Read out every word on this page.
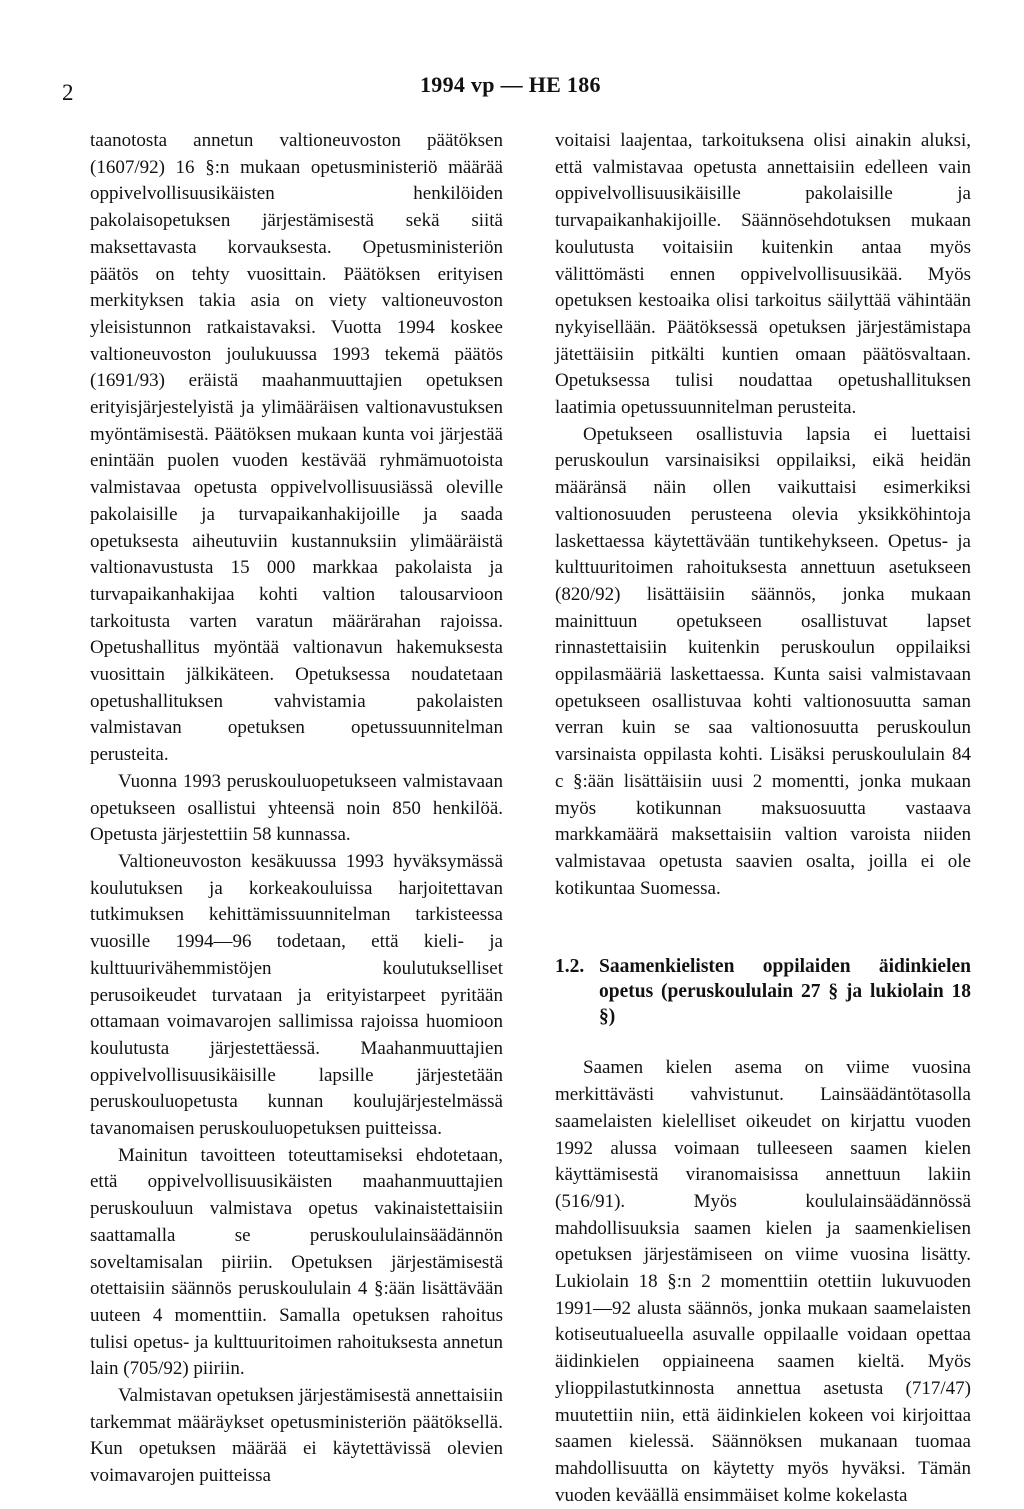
2	1994 vp — HE 186

taanotosta annetun valtioneuvoston päätöksen (1607/92) 16 §:n mukaan opetusministeriö määrää oppivelvollisuusikäisten henkilöiden pakolaisopetuksen järjestämisestä sekä siitä maksettavasta korvauksesta. Opetusministeriön päätös on tehty vuosittain. Päätöksen erityisen merkityksen takia asia on viety valtioneuvoston yleisistunnon ratkaistavaksi. Vuotta 1994 koskee valtioneuvoston joulukuussa 1993 tekemä päätös (1691/93) eräistä maahanmuuttajien opetuksen erityisjärjestelyistä ja ylimääräisen valtionavustuksen myöntämisestä. Päätöksen mukaan kunta voi järjestää enintään puolen vuoden kestävää ryhmämuotoista valmistavaa opetusta oppivelvollisuusiässä oleville pakolaisille ja turvapaikanhakijoille ja saada opetuksesta aiheutuviin kustannuksiin ylimääräistä valtionavustusta 15 000 markkaa pakolaista ja turvapaikanhakijaa kohti valtion talousarvioon tarkoitusta varten varatun määrärahan rajoissa. Opetushallitus myöntää valtionavun hakemuksesta vuosittain jälkikäteen. Opetuksessa noudatetaan opetushallituksen vahvistamia pakolaisten valmistavan opetuksen opetussuunnitelman perusteita.

Vuonna 1993 peruskouluopetukseen valmistavaan opetukseen osallistui yhteensä noin 850 henkilöä. Opetusta järjestettiin 58 kunnassa.

Valtioneuvoston kesäkuussa 1993 hyväksymässä koulutuksen ja korkeakouluissa harjoitettavan tutkimuksen kehittämissuunnitelman tarkisteessa vuosille 1994—96 todetaan, että kieli- ja kulttuurivähemmistöjen koulutukselliset perusoikeudet turvataan ja erityistarpeet pyritään ottamaan voimavarojen sallimissa rajoissa huomioon koulutusta järjestettäessä. Maahanmuuttajien oppivelvollisuusikäisille lapsille järjestetään peruskouluopetusta kunnan koulujärjestelmässä tavanomaisen peruskouluopetuksen puitteissa.

Mainitun tavoitteen toteuttamiseksi ehdotetaan, että oppivelvollisuusikäisten maahanmuuttajien peruskouluun valmistava opetus vakinaistettaisiin saattamalla se peruskoululainsäädännön soveltamisalan piiriin. Opetuksen järjestämisestä otettaisiin säännös peruskoululain 4 §:ään lisättävään uuteen 4 momenttiin. Samalla opetuksen rahoitus tulisi opetus- ja kulttuuritoimen rahoituksesta annetun lain (705/92) piiriin.

Valmistavan opetuksen järjestämisestä annettaisiin tarkemmat määräykset opetusministeriön päätöksellä. Kun opetuksen määrää ei käytettävissä olevien voimavarojen puitteissa

voitaisi laajentaa, tarkoituksena olisi ainakin aluksi, että valmistavaa opetusta annettaisiin edelleen vain oppivelvollisuusikäisille pakolaisille ja turvapaikanhakijoille. Säännösehdotuksen mukaan koulutusta voitaisiin kuitenkin antaa myös välittömästi ennen oppivelvollisuusikää. Myös opetuksen kestoaika olisi tarkoitus säilyttää vähintään nykyisellään. Päätöksessä opetuksen järjestämistapa jätettäisiin pitkälti kuntien omaan päätösvaltaan. Opetuksessa tulisi noudattaa opetushallituksen laatimia opetussuunnitelman perusteita.

Opetukseen osallistuvia lapsia ei luettaisi peruskoulun varsinaisiksi oppilaiksi, eikä heidän määränsä näin ollen vaikuttaisi esimerkiksi valtionosuuden perusteena olevia yksikköhintoja laskettaessa käytettävään tuntikehykseen. Opetus- ja kulttuuritoimen rahoituksesta annettuun asetukseen (820/92) lisättäisiin säännös, jonka mukaan mainittuun opetukseen osallistuvat lapset rinnastettaisiin kuitenkin peruskoulun oppilaiksi oppilasmääriä laskettaessa. Kunta saisi valmistavaan opetukseen osallistuvaa kohti valtionosuutta saman verran kuin se saa valtionosuutta peruskoulun varsinaista oppilasta kohti. Lisäksi peruskoululain 84 c §:ään lisättäisiin uusi 2 momentti, jonka mukaan myös kotikunnan maksuosuutta vastaava markkamäärä maksettaisiin valtion varoista niiden valmistavaa opetusta saavien osalta, joilla ei ole kotikuntaa Suomessa.

1.2. Saamenkielisten oppilaiden äidinkielen opetus (peruskoululain 27 § ja lukiolain 18 §)

Saamen kielen asema on viime vuosina merkittävästi vahvistunut. Lainsäädäntötasolla saamelaisten kielelliset oikeudet on kirjattu vuoden 1992 alussa voimaan tulleeseen saamen kielen käyttämisestä viranomaisissa annettuun lakiin (516/91). Myös koululainsäädännössä mahdollisuuksia saamen kielen ja saamenkielisen opetuksen järjestämiseen on viime vuosina lisätty. Lukiolain 18 §:n 2 momenttiin otettiin lukuvuoden 1991—92 alusta säännös, jonka mukaan saamelaisten kotiseutualueella asuvalle oppilaalle voidaan opettaa äidinkielen oppiaineena saamen kieltä. Myös ylioppilastutkinnosta annettua asetusta (717/47) muutettiin niin, että äidinkielen kokeen voi kirjoittaa saamen kielessä. Säännöksen mukanaan tuomaa mahdollisuutta on käytetty myös hyväksi. Tämän vuoden keväällä ensimmäiset kolme kokelasta
